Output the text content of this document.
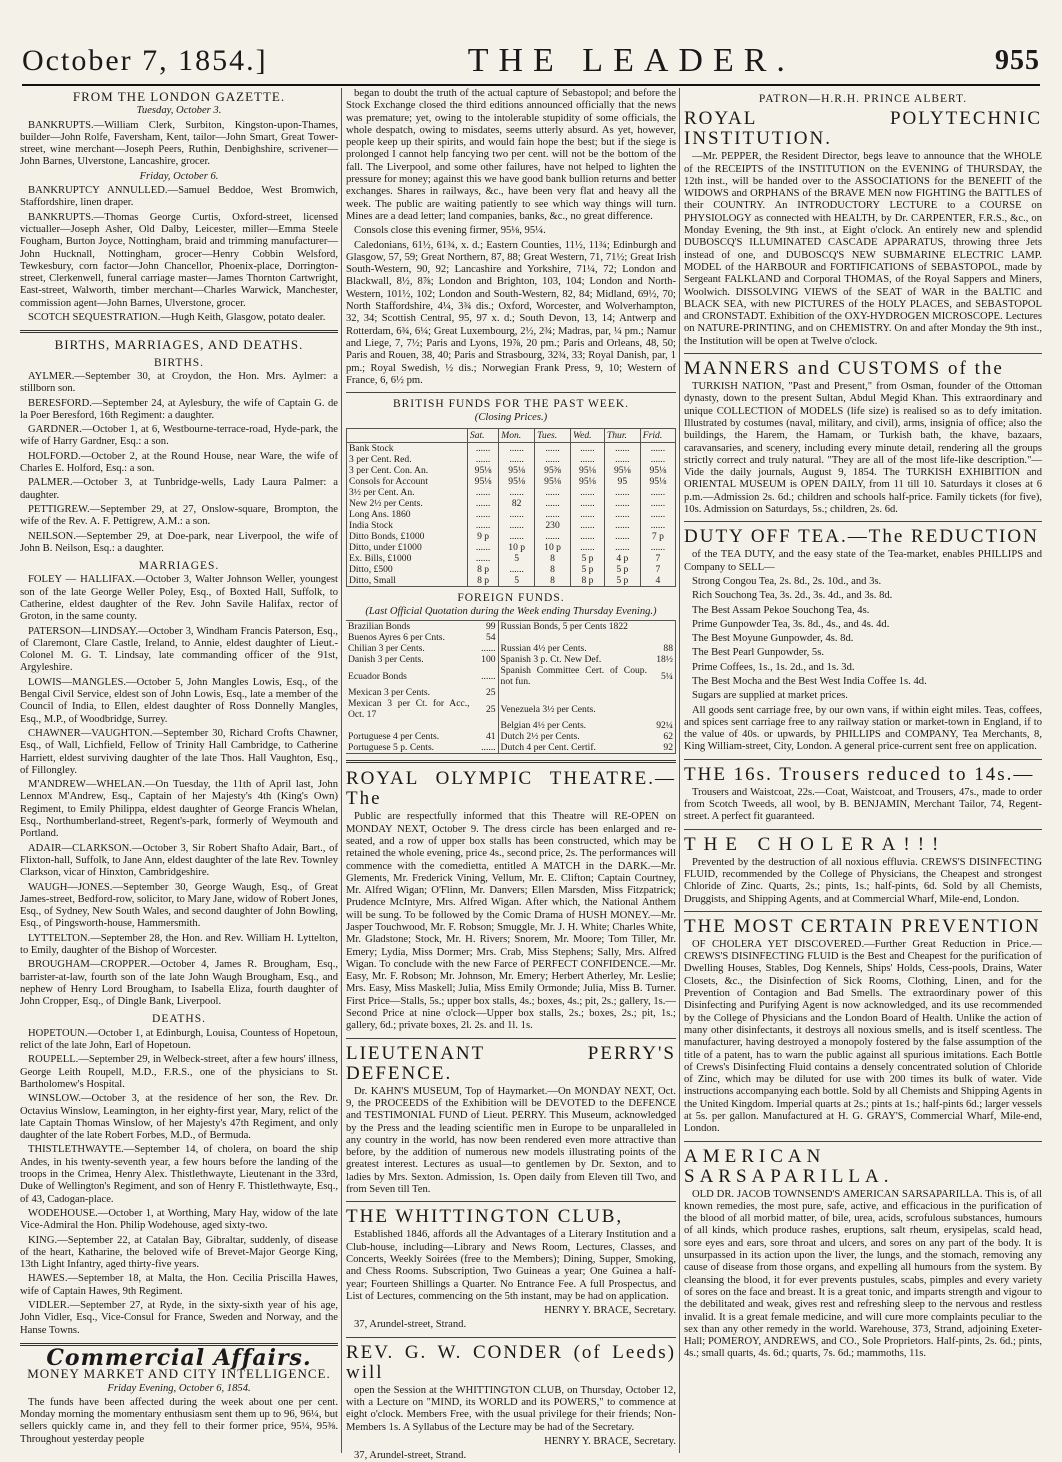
October 7, 1854.]	THE LEADER.	955
FROM THE LONDON GAZETTE.
Tuesday, October 3.

BANKRUPTS.—William Clerk, Surbiton, Kingston-upon-Thames, builder—John Rolfe, Faversham, Kent, tailor—John Smart, Great Tower-street, wine merchant—Joseph Peers, Ruthin, Denbighshire, scrivener—John Barnes, Ulverstone, Lancashire, grocer.

Friday, October 6.

BANKRUPTCY ANNULLED.—Samuel Beddoe, West Bromwich, Staffordshire, linen draper.

BANKRUPTS.—Thomas George Curtis, Oxford-street, licensed victualler—Joseph Asher, Old Dalby, Leicester, miller—Emma Steele Fougham, Burton Joyce, Nottingham, braid and trimming manufacturer—John Hucknall, Nottingham, grocer—Henry Cobbin Welsford, Tewkesbury, corn factor—John Chancellor, Phoenix-place, Dorrington-street, Clerkenwell, funeral carriage master—James Thornton Cartwright, East-street, Walworth, timber merchant—Charles Warwick, Manchester, commission agent—John Barnes, Ulverstone, grocer.

SCOTCH SEQUESTRATION.—Hugh Keith, Glasgow, potato dealer.

BIRTHS, MARRIAGES, AND DEATHS.
BIRTHS.

AYLMER.—September 30, at Croydon, the Hon. Mrs. Aylmer: a stillborn son.

BERESFORD.—September 24, at Aylesbury, the wife of Captain G. de la Poer Beresford, 16th Regiment: a daughter.

GARDNER.—October 1, at 6, Westbourne-terrace-road, Hyde-park, the wife of Harry Gardner, Esq.: a son.

HOLFORD.—October 2, at the Round House, near Ware, the wife of Charles E. Holford, Esq.: a son.

PALMER.—October 3, at Tunbridge-wells, Lady Laura Palmer: a daughter.

PETTIGREW.—September 29, at 27, Onslow-square, Brompton, the wife of the Rev. A. F. Pettigrew, A.M.: a son.

NEILSON.—September 29, at Doe-park, near Liverpool, the wife of John B. Neilson, Esq.: a daughter.

MARRIAGES.

FOLEY — HALLIFAX.—October 3, Walter Johnson Weller, youngest son of the late George Weller Poley, Esq., of Boxted Hall, Suffolk, to Catherine, eldest daughter of the Rev. John Savile Halifax, rector of Groton, in the same county.

PATERSON—LINDSAY.—October 3, Windham Francis Paterson, Esq., of Claremont, Clare Castle, Ireland, to Annie, eldest daughter of Lieut.-Colonel M. G. T. Lindsay, late commanding officer of the 91st, Argyleshire.

LOWIS—MANGLES.—October 5, John Mangles Lowis, Esq., of the Bengal Civil Service, eldest son of John Lowis, Esq., late a member of the Council of India, to Ellen, eldest daughter of Ross Donnelly Mangles, Esq., M.P., of Woodbridge, Surrey.

CHAWNER—VAUGHTON.—September 30, Richard Crofts Chawner, Esq., of Wall, Lichfield, Fellow of Trinity Hall Cambridge, to Catherine Harriett, eldest surviving daughter of the late Thos. Hall Vaughton, Esq., of Fillongley.

M'ANDREW—WHELAN.—On Tuesday, the 11th of April last, John Lennox M'Andrew, Esq., Captain of her Majesty's 4th (King's Own) Regiment, to Emily Philippa, eldest daughter of George Francis Whelan, Esq., Northumberland-street, Regent's-park, formerly of Weymouth and Portland.

ADAIR—CLARKSON.—October 3, Sir Robert Shafto Adair, Bart., of Flixton-hall, Suffolk, to Jane Ann, eldest daughter of the late Rev. Townley Clarkson, vicar of Hinxton, Cambridgeshire.

WAUGH—JONES.—September 30, George Waugh, Esq., of Great James-street, Bedford-row, solicitor, to Mary Jane, widow of Robert Jones, Esq., of Sydney, New South Wales, and second daughter of John Bowling, Esq., of Pingsworth-house, Hammersmith.

LYTTELTON.—September 28, the Hon. and Rev. William H. Lyttelton, to Emily, daughter of the Bishop of Worcester.

BROUGHAM—CROPPER.—October 4, James R. Brougham, Esq., barrister-at-law, fourth son of the late John Waugh Brougham, Esq., and nephew of Henry Lord Brougham, to Isabella Eliza, fourth daughter of John Cropper, Esq., of Dingle Bank, Liverpool.

DEATHS.

HOPETOUN.—October 1, at Edinburgh, Louisa, Countess of Hopetoun, relict of the late John, Earl of Hopetoun.

ROUPELL.—September 29, in Welbeck-street, after a few hours' illness, George Leith Roupell, M.D., F.R.S., one of the physicians to St. Bartholomew's Hospital.

WINSLOW.—October 3, at the residence of her son, the Rev. Dr. Octavius Winslow, Leamington, in her eighty-first year, Mary, relict of the late Captain Thomas Winslow, of her Majesty's 47th Regiment, and only daughter of the late Robert Forbes, M.D., of Bermuda.

THISTLETHWAYTE.—September 14, of cholera, on board the ship Andes, in his twenty-seventh year, a few hours before the landing of the troops in the Crimea, Henry Alex. Thistlethwayte, Lieutenant in the 33rd, Duke of Wellington's Regiment, and son of Henry F. Thistlethwayte, Esq., of 43, Cadogan-place.

WODEHOUSE.—October 1, at Worthing, Mary Hay, widow of the late Vice-Admiral the Hon. Philip Wodehouse, aged sixty-two.

KING.—September 22, at Catalan Bay, Gibraltar, suddenly, of disease of the heart, Katharine, the beloved wife of Brevet-Major George King, 13th Light Infantry, aged thirty-five years.

HAWES.—September 18, at Malta, the Hon. Cecilia Priscilla Hawes, wife of Captain Hawes, 9th Regiment.

VIDLER.—September 27, at Ryde, in the sixty-sixth year of his age, John Vidler, Esq., Vice-Consul for France, Sweden and Norway, and the Hanse Towns.

Commercial Affairs.
MONEY MARKET AND CITY INTELLIGENCE.
Friday Evening, October 6, 1854.

The funds have been affected during the week about one per cent. Monday morning the momentary enthusiasm sent them up to 96, 96¼, but sellers quickly came in, and they fell to their former price, 95¼, 95⅜. Throughout yesterday people

began to doubt the truth of the actual capture of Sebastopol; and before the Stock Exchange closed the third editions announced officially that the news was premature; yet, owing to the intolerable stupidity of some officials, the whole despatch, owing to misdates, seems utterly absurd. As yet, however, people keep up their spirits, and would fain hope the best; but if the siege is prolonged I cannot help fancying two per cent. will not be the bottom of the fall. The Liverpool, and some other failures, have not helped to lighten the pressure for money; against this we have good bank bullion returns and better exchanges. Shares in railways, &c., have been very flat and heavy all the week. The public are waiting patiently to see which way things will turn. Mines are a dead letter; land companies, banks, &c., no great difference.

Consols close this evening firmer, 95⅛, 95¼.

Caledonians, 61½, 61¾, x. d.; Eastern Counties, 11½, 11¾; Edinburgh and Glasgow, 57, 59; Great Northern, 87, 88; Great Western, 71, 71½; Great Irish South-Western, 90, 92; Lancashire and Yorkshire, 71¼, 72; London and Blackwall, 8½, 8⅞; London and Brighton, 103, 104; London and North-Western, 101½, 102; London and South-Western, 82, 84; Midland, 69½, 70; North Staffordshire, 4¼, 3¾ dis.; Oxford, Worcester, and Wolverhampton, 32, 34; Scottish Central, 95, 97 x. d.; South Devon, 13, 14; Antwerp and Rotterdam, 6¾, 6¼; Great Luxembourg, 2½, 2¾; Madras, par, ¼ pm.; Namur and Liege, 7, 7½; Paris and Lyons, 19⅞, 20 pm.; Paris and Orleans, 48, 50; Paris and Rouen, 38, 40; Paris and Strasbourg, 32¾, 33; Royal Danish, par, 1 pm.; Royal Swedish, ½ dis.; Norwegian Frank Press, 9, 10; Western of France, 6, 6½ pm.

BRITISH FUNDS FOR THE PAST WEEK.
(Closing Prices.)
	Sat.	Mon.	Tues.	Wed.	Thur.	Frid.
Bank Stock	......	......	......	......	......	......
3 per Cent. Red.	......	......	......	......	......	......
3 per Cent. Con. An.	95⅛	95⅛	95⅜	95⅛	95⅛	95⅛
Consols for Account	95⅛	95⅛	95⅛	95⅛	95	95⅛
3½ per Cent. An.	......	......	......	......	......	......
New 2½ per Cents.	......	82	......	......	......	......
Long Ans. 1860	......	......	......	......	......	......
India Stock	......	......	230	......	......	......
Ditto Bonds, £1000	9 p	......	......	......	......	7 p
Ditto, under £1000	......	10 p	10 p	......	......	......
Ex. Bills, £1000	......	5	8	5 p	4 p	7
Ditto, £500	8 p	......	8	5 p	5 p	7
Ditto, Small	8 p	5	8	8 p	5 p	4
FOREIGN FUNDS.
(Last Official Quotation during the Week ending Thursday Evening.)
Brazilian Bonds	99	Russian Bonds, 5 per Cents 1822	
Buenos Ayres 6 per Cnts.	54		
Chilian 3 per Cents.	......	Russian 4½ per Cents.	88
Danish 3 per Cents.	100	Spanish 3 p. Ct. New Def.	18½
Ecuador Bonds	......	Spanish Committee Cert. of Coup. not fun.	5¼
Mexican 3 per Cents.	25		
Mexican 3 per Ct. for Acc., Oct. 17	25	Venezuela 3½ per Cents.	
		Belgian 4½ per Cents.	92¼
Portuguese 4 per Cents.	41	Dutch 2½ per Cents.	62
Portuguese 5 p. Cents.	......	Dutch 4 per Cent. Certif.	92
ROYAL OLYMPIC THEATRE.—The

Public are respectfully informed that this Theatre will RE-OPEN on MONDAY NEXT, October 9. The dress circle has been enlarged and re-seated, and a row of upper box stalls has been constructed, which may be retained the whole evening, price 4s., second price, 2s. The performances will commence with the comedietta, entitled A MATCH in the DARK.—Mr. Glements, Mr. Frederick Vining, Vellum, Mr. E. Clifton; Captain Courtney, Mr. Alfred Wigan; O'Flinn, Mr. Danvers; Ellen Marsden, Miss Fitzpatrick; Prudence McIntyre, Mrs. Alfred Wigan. After which, the National Anthem will be sung. To be followed by the Comic Drama of HUSH MONEY.—Mr. Jasper Touchwood, Mr. F. Robson; Smuggle, Mr. J. H. White; Charles White, Mr. Gladstone; Stock, Mr. H. Rivers; Snorem, Mr. Moore; Tom Tiller, Mr. Emery; Lydia, Miss Dormer; Mrs. Crab, Miss Stephens; Sally, Mrs. Alfred Wigan. To conclude with the new Farce of PERFECT CONFIDENCE.—Mr. Easy, Mr. F. Robson; Mr. Johnson, Mr. Emery; Herbert Atherley, Mr. Leslie; Mrs. Easy, Miss Maskell; Julia, Miss Emily Ormonde; Julia, Miss B. Turner. First Price—Stalls, 5s.; upper box stalls, 4s.; boxes, 4s.; pit, 2s.; gallery, 1s.—Second Price at nine o'clock—Upper box stalls, 2s.; boxes, 2s.; pit, 1s.; gallery, 6d.; private boxes, 2l. 2s. and 1l. 1s.

LIEUTENANT PERRY'S DEFENCE.

Dr. KAHN'S MUSEUM, Top of Haymarket.—On MONDAY NEXT, Oct. 9, the PROCEEDS of the Exhibition will be DEVOTED to the DEFENCE and TESTIMONIAL FUND of Lieut. PERRY. This Museum, acknowledged by the Press and the leading scientific men in Europe to be unparalleled in any country in the world, has now been rendered even more attractive than before, by the addition of numerous new models illustrating points of the greatest interest. Lectures as usual—to gentlemen by Dr. Sexton, and to ladies by Mrs. Sexton. Admission, 1s. Open daily from Eleven till Two, and from Seven till Ten.

THE WHITTINGTON CLUB,

Established 1846, affords all the Advantages of a Literary Institution and a Club-house, including—Library and News Room, Lectures, Classes, and Concerts, Weekly Soirées (free to the Members); Dining, Supper, Smoking, and Chess Rooms. Subscription, Two Guineas a year; One Guinea a half-year; Fourteen Shillings a Quarter. No Entrance Fee. A full Prospectus, and List of Lectures, commencing on the 5th instant, may be had on application.

HENRY Y. BRACE, Secretary.

37, Arundel-street, Strand.

REV. G. W. CONDER (of Leeds) will

open the Session at the WHITTINGTON CLUB, on Thursday, October 12, with a Lecture on "MIND, its WORLD and its POWERS," to commence at eight o'clock. Members Free, with the usual privilege for their friends; Non-Members 1s. A Syllabus of the Lecture may be had of the Secretary.

HENRY Y. BRACE, Secretary.

37, Arundel-street, Strand.

PATRON—H.R.H. PRINCE ALBERT.
ROYAL POLYTECHNIC INSTITUTION.

—Mr. PEPPER, the Resident Director, begs leave to announce that the WHOLE of the RECEIPTS of the INSTITUTION on the EVENING of THURSDAY, the 12th inst., will be handed over to the ASSOCIATIONS for the BENEFIT of the WIDOWS and ORPHANS of the BRAVE MEN now FIGHTING the BATTLES of their COUNTRY. An INTRODUCTORY LECTURE to a COURSE on PHYSIOLOGY as connected with HEALTH, by Dr. CARPENTER, F.R.S., &c., on Monday Evening, the 9th inst., at Eight o'clock. An entirely new and splendid DUBOSCQ'S ILLUMINATED CASCADE APPARATUS, throwing three Jets instead of one, and DUBOSCQ'S NEW SUBMARINE ELECTRIC LAMP. MODEL of the HARBOUR and FORTIFICATIONS of SEBASTOPOL, made by Sergeant FALKLAND and Corporal THOMAS, of the Royal Sappers and Miners, Woolwich. DISSOLVING VIEWS of the SEAT of WAR in the BALTIC and BLACK SEA, with new PICTURES of the HOLY PLACES, and SEBASTOPOL and CRONSTADT. Exhibition of the OXY-HYDROGEN MICROSCOPE. Lectures on NATURE-PRINTING, and on CHEMISTRY. On and after Monday the 9th inst., the Institution will be open at Twelve o'clock.

MANNERS and CUSTOMS of the

TURKISH NATION, "Past and Present," from Osman, founder of the Ottoman dynasty, down to the present Sultan, Abdul Megid Khan. This extraordinary and unique COLLECTION of MODELS (life size) is realised so as to defy imitation. Illustrated by costumes (naval, military, and civil), arms, insignia of office; also the buildings, the Harem, the Hamam, or Turkish bath, the khave, bazaars, caravansaries, and scenery, including every minute detail, rendering all the groups strictly correct and truly natural. "They are all of the most life-like description."—Vide the daily journals, August 9, 1854. The TURKISH EXHIBITION and ORIENTAL MUSEUM is OPEN DAILY, from 11 till 10. Saturdays it closes at 6 p.m.—Admission 2s. 6d.; children and schools half-price. Family tickets (for five), 10s. Admission on Saturdays, 5s.; children, 2s. 6d.

DUTY OFF TEA.—The REDUCTION

of the TEA DUTY, and the easy state of the Tea-market, enables PHILLIPS and Company to SELL—

Strong Congou Tea, 2s. 8d., 2s. 10d., and 3s.

Rich Souchong Tea, 3s. 2d., 3s. 4d., and 3s. 8d.

The Best Assam Pekoe Souchong Tea, 4s.

Prime Gunpowder Tea, 3s. 8d., 4s., and 4s. 4d.

The Best Moyune Gunpowder, 4s. 8d.

The Best Pearl Gunpowder, 5s.

Prime Coffees, 1s., 1s. 2d., and 1s. 3d.

The Best Mocha and the Best West India Coffee 1s. 4d.

Sugars are supplied at market prices.

All goods sent carriage free, by our own vans, if within eight miles. Teas, coffees, and spices sent carriage free to any railway station or market-town in England, if to the value of 40s. or upwards, by PHILLIPS and COMPANY, Tea Merchants, 8, King William-street, City, London. A general price-current sent free on application.

THE 16s. Trousers reduced to 14s.—

Trousers and Waistcoat, 22s.—Coat, Waistcoat, and Trousers, 47s., made to order from Scotch Tweeds, all wool, by B. BENJAMIN, Merchant Tailor, 74, Regent-street. A perfect fit guaranteed.

THE CHOLERA!!!

Prevented by the destruction of all noxious effluvia. CREWS'S DISINFECTING FLUID, recommended by the College of Physicians, the Cheapest and strongest Chloride of Zinc. Quarts, 2s.; pints, 1s.; half-pints, 6d. Sold by all Chemists, Druggists, and Shipping Agents, and at Commercial Wharf, Mile-end, London.

THE MOST CERTAIN PREVENTION

OF CHOLERA YET DISCOVERED.—Further Great Reduction in Price.—CREWS'S DISINFECTING FLUID is the Best and Cheapest for the purification of Dwelling Houses, Stables, Dog Kennels, Ships' Holds, Cess-pools, Drains, Water Closets, &c., the Disinfection of Sick Rooms, Clothing, Linen, and for the Prevention of Contagion and Bad Smells. The extraordinary power of this Disinfecting and Purifying Agent is now acknowledged, and its use recommended by the College of Physicians and the London Board of Health. Unlike the action of many other disinfectants, it destroys all noxious smells, and is itself scentless. The manufacturer, having destroyed a monopoly fostered by the false assumption of the title of a patent, has to warn the public against all spurious imitations. Each Bottle of Crews's Disinfecting Fluid contains a densely concentrated solution of Chloride of Zinc, which may be diluted for use with 200 times its bulk of water. Vide instructions accompanying each bottle. Sold by all Chemists and Shipping Agents in the United Kingdom. Imperial quarts at 2s.; pints at 1s.; half-pints 6d.; larger vessels at 5s. per gallon. Manufactured at H. G. GRAY'S, Commercial Wharf, Mile-end, London.

AMERICAN SARSAPARILLA.

OLD DR. JACOB TOWNSEND'S AMERICAN SARSAPARILLA. This is, of all known remedies, the most pure, safe, active, and efficacious in the purification of the blood of all morbid matter, of bile, urea, acids, scrofulous substances, humours of all kinds, which produce rashes, eruptions, salt rheum, erysipelas, scald head, sore eyes and ears, sore throat and ulcers, and sores on any part of the body. It is unsurpassed in its action upon the liver, the lungs, and the stomach, removing any cause of disease from those organs, and expelling all humours from the system. By cleansing the blood, it for ever prevents pustules, scabs, pimples and every variety of sores on the face and breast. It is a great tonic, and imparts strength and vigour to the debilitated and weak, gives rest and refreshing sleep to the nervous and restless invalid. It is a great female medicine, and will cure more complaints peculiar to the sex than any other remedy in the world. Warehouse, 373, Strand, adjoining Exeter-Hall; POMEROY, ANDREWS, and CO., Sole Proprietors. Half-pints, 2s. 6d.; pints, 4s.; small quarts, 4s. 6d.; quarts, 7s. 6d.; mammoths, 11s.
